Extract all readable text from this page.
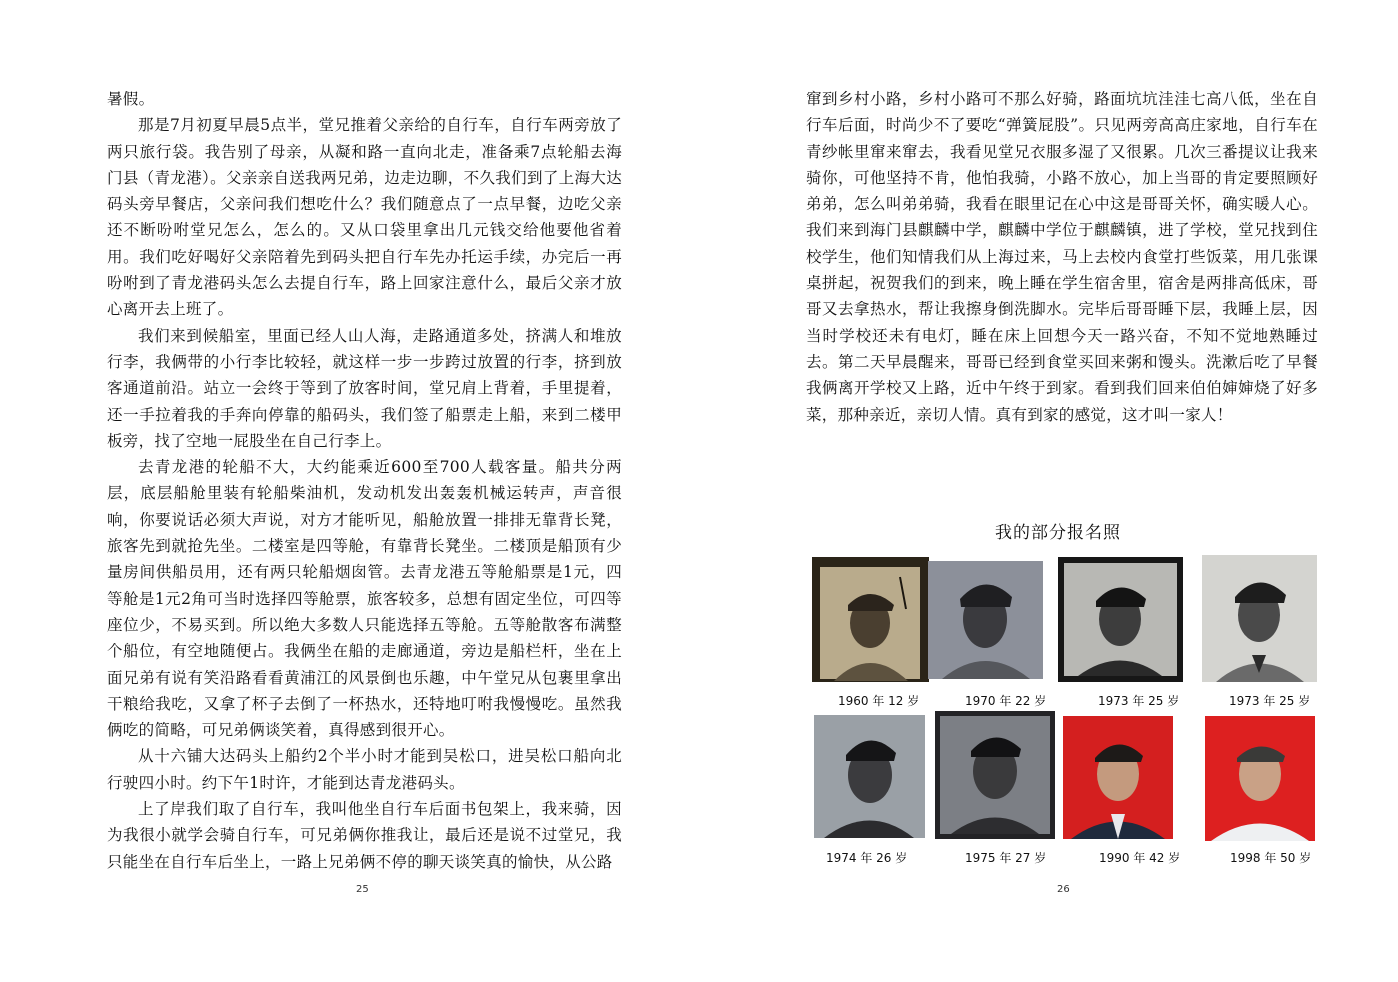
暑假。

那是7月初夏早晨5点半，堂兄推着父亲给的自行车，自行车两旁放了两只旅行袋。我告别了母亲，从凝和路一直向北走，准备乘7点轮船去海门县（青龙港）。父亲亲自送我两兄弟，边走边聊，不久我们到了上海大达码头旁早餐店，父亲问我们想吃什么？我们随意点了一点早餐，边吃父亲还不断吩咐堂兄怎么，怎么的。又从口袋里拿出几元钱交给他要他省着用。我们吃好喝好父亲陪着先到码头把自行车先办托运手续，办完后一再吩咐到了青龙港码头怎么去提自行车，路上回家注意什么，最后父亲才放心离开去上班了。

我们来到候船室，里面已经人山人海，走路通道多处，挤满人和堆放行李，我俩带的小行李比较轻，就这样一步一步跨过放置的行李，挤到放客通道前沿。站立一会终于等到了放客时间，堂兄肩上背着，手里提着，还一手拉着我的手奔向停靠的船码头，我们签了船票走上船，来到二楼甲板旁，找了空地一屁股坐在自己行李上。

去青龙港的轮船不大，大约能乘近600至700人载客量。船共分两层，底层船舱里装有轮船柴油机，发动机发出轰轰机械运转声，声音很响，你要说话必须大声说，对方才能听见，船舱放置一排排无靠背长凳，旅客先到就抢先坐。二楼室是四等舱，有靠背长凳坐。二楼顶是船顶有少量房间供船员用，还有两只轮船烟囱管。去青龙港五等舱船票是1元，四等舱是1元2角可当时选择四等舱票，旅客较多，总想有固定坐位，可四等座位少，不易买到。所以绝大多数人只能选择五等舱。五等舱散客布满整个船位，有空地随便占。我俩坐在船的走廊通道，旁边是船栏杆，坐在上面兄弟有说有笑沿路看看黄浦江的风景倒也乐趣，中午堂兄从包裹里拿出干粮给我吃，又拿了杯子去倒了一杯热水，还特地叮咐我慢慢吃。虽然我俩吃的简略，可兄弟俩谈笑着，真得感到很开心。

从十六铺大达码头上船约2个半小时才能到吴松口，进吴松口船向北行驶四小时。约下午1时许，才能到达青龙港码头。

上了岸我们取了自行车，我叫他坐自行车后面书包架上，我来骑，因为我很小就学会骑自行车，可兄弟俩你推我让，最后还是说不过堂兄，我只能坐在自行车后坐上，一路上兄弟俩不停的聊天谈笑真的愉快，从公路

25

窜到乡村小路，乡村小路可不那么好骑，路面坑坑洼洼七高八低，坐在自行车后面，时尚少不了要吃“弹簧屁股”。只见两旁高高庄家地，自行车在青纱帐里窜来窜去，我看见堂兄衣服多湿了又很累。几次三番提议让我来骑你，可他坚持不肯，他怕我骑，小路不放心，加上当哥的肯定要照顾好弟弟，怎么叫弟弟骑，我看在眼里记在心中这是哥哥关怀，确实暖人心。我们来到海门县麒麟中学，麒麟中学位于麒麟镇，进了学校，堂兄找到住校学生，他们知情我们从上海过来，马上去校内食堂打些饭菜，用几张课桌拼起，祝贺我们的到来，晚上睡在学生宿舍里，宿舍是两排高低床，哥哥又去拿热水，帮让我擦身倒洗脚水。完毕后哥哥睡下层，我睡上层，因当时学校还未有电灯，睡在床上回想今天一路兴奋，不知不觉地熟睡过去。第二天早晨醒来，哥哥已经到食堂买回来粥和馒头。洗漱后吃了早餐我俩离开学校又上路，近中午终于到家。看到我们回来伯伯婶婶烧了好多菜，那种亲近，亲切人情。真有到家的感觉，这才叫一家人！

我的部分报名照
1960 年 12 岁	1970 年 22 岁	1973 年 25 岁	1973 年 25 岁
1974 年 26 岁	1975 年 27 岁	1990 年 42 岁	1998 年 50 岁
26
